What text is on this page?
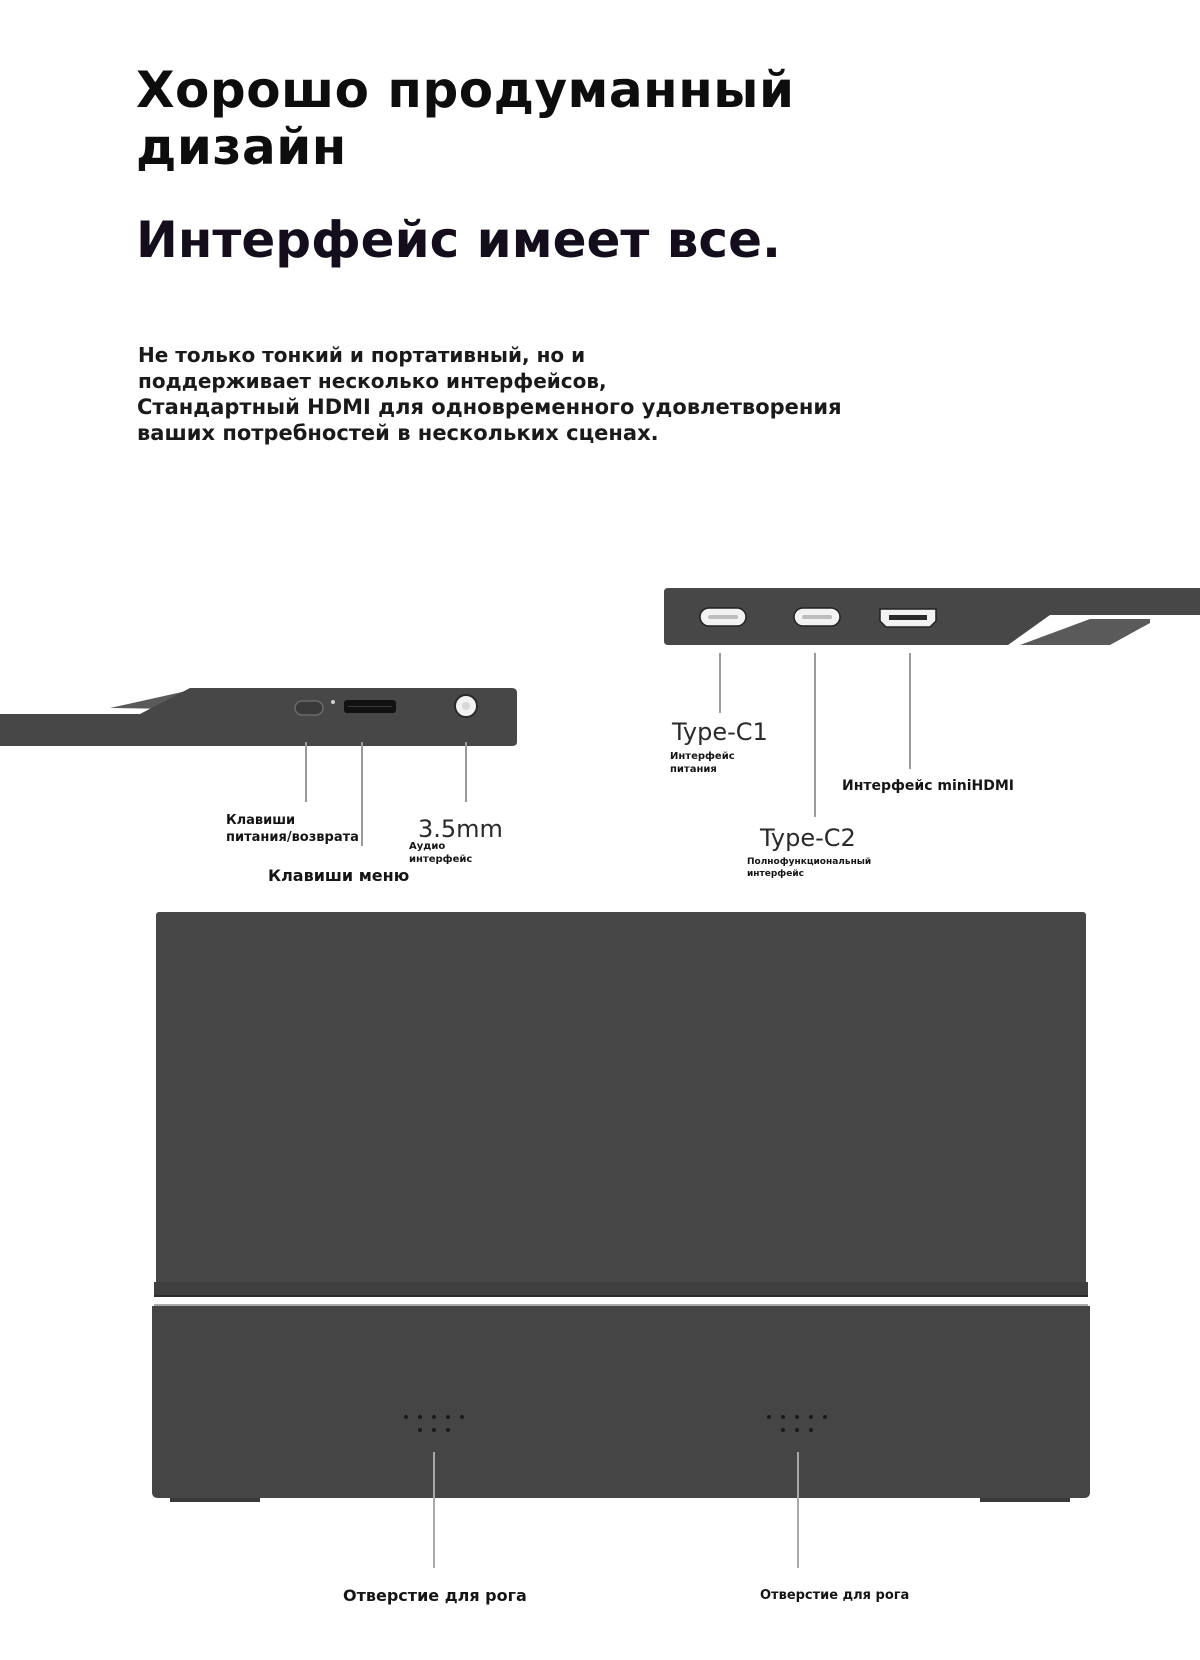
Хорошо продуманный
дизайн
Интерфейс имеет все.
Не только тонкий и портативный, но и
поддерживает несколько интерфейсов,
Стандартный HDMI для одновременного удовлетворения
ваших потребностей в нескольких сценах.
Клавиши
питания/возврата
Клавиши меню
3.5mm
Аудио
интерфейс
Type-C1
Интерфейс
питания
Интерфейс miniHDMI
Type-C2
Полнофункциональный
интерфейс
Отверстие для рога	Отверстие для рога
